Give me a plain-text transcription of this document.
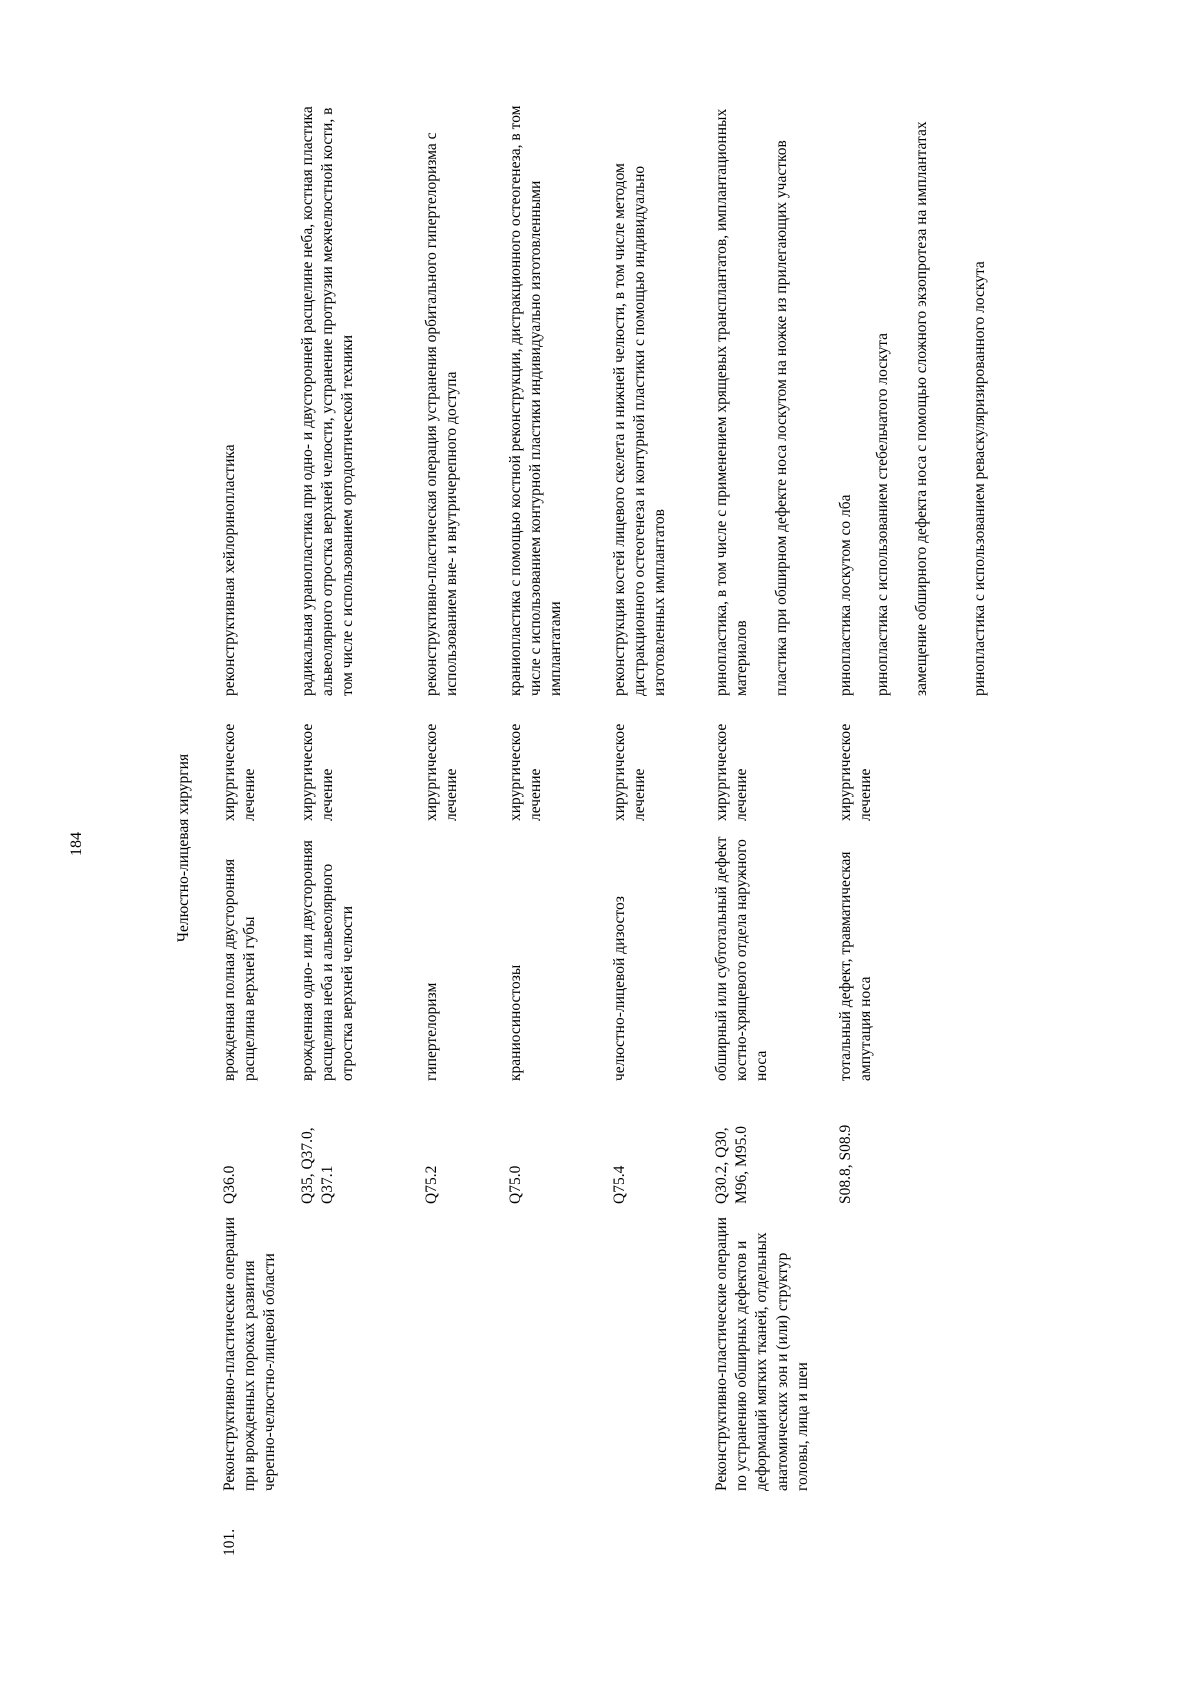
184	Челюстно-лицевая хирургия
101.
Реконструктивно-пластические операции при врожденных пороках развития черепно-челюстно-лицевой области
Q36.0
врожденная полная двусторонняя расщелина верхней губы
хирургическое лечение
реконструктивная хейлоринопластика
Q35, Q37.0, Q37.1
врожденная одно- или двусторонняя расщелина неба и альвеолярного отростка верхней челюсти
хирургическое лечение
радикальная уранопластика при одно- и двусторонней расщелине неба, костная пластика альвеолярного отростка верхней челюсти, устранение протрузии межчелюстной кости, в том числе с использованием ортодонтической техники
Q75.2
гипертелоризм
хирургическое лечение
реконструктивно-пластическая операция устранения орбитального гипертелоризма с использованием вне- и внутричерепного доступа
Q75.0
краниосиностозы
хирургическое лечение
краниопластика с помощью костной реконструкции, дистракционного остеогенеза, в том числе с использованием контурной пластики индивидуально изготовленными имплантатами
Q75.4
челюстно-лицевой дизостоз
хирургическое лечение
реконструкция костей лицевого скелета и нижней челюсти, в том числе методом дистракционного остеогенеза и контурной пластики с помощью индивидуально изготовленных имплантатов
Реконструктивно-пластические операции по устранению обширных дефектов и деформаций мягких тканей, отдельных анатомических зон и (или) структур головы, лица и шеи
Q30.2, Q30, M96, M95.0
обширный или субтотальный дефект костно-хрящевого отдела наружного носа
хирургическое лечение
ринопластика, в том числе с применением хрящевых трансплантатов, имплантационных материалов пластика при обширном дефекте носа лоскутом на ножке из прилегающих участков
S08.8, S08.9
тотальный дефект, травматическая ампутация носа
хирургическое лечение
ринопластика лоскутом со лба ринопластика с использованием стебельчатого лоскута замещение обширного дефекта носа с помощью сложного экзопротеза на имплантатах	ринопластика с использованием реваскуляризированного лоскута
